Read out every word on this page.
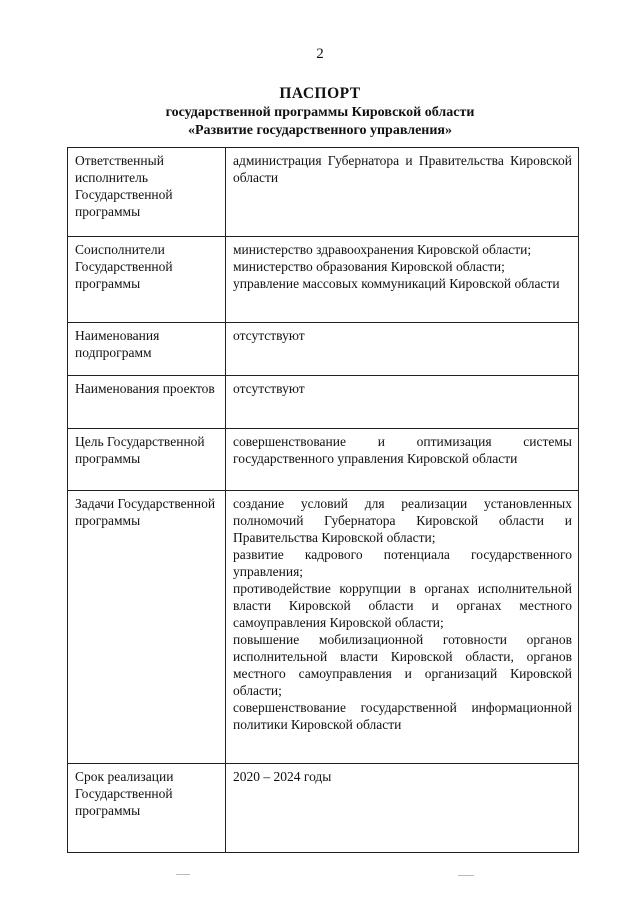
2
ПАСПОРТ
государственной программы Кировской области
«Развитие государственного управления»
Ответственный исполнитель Государственной программы	администрация Губернатора и Правительства Кировской области

Соисполнители Государственной программы	министерство здравоохранения Кировской области;
министерство образования Кировской области;
управление массовых коммуникаций Кировской области

Наименования подпрограмм	отсутствуют

Наименования проектов	отсутствуют

Цель Государственной программы	совершенствование и оптимизация системы государственного управления Кировской области

Задачи Государственной программы	создание условий для реализации установленных полномочий Губернатора Кировской области и Правительства Кировской области;
развитие кадрового потенциала государственного управления;
противодействие коррупции в органах исполнительной власти Кировской области и органах местного самоуправления Кировской области;
повышение мобилизационной готовности органов исполнительной власти Кировской области, органов местного самоуправления и организаций Кировской области;
совершенствование государственной информационной политики Кировской области

Срок реализации Государственной программы	2020 – 2024 годы
